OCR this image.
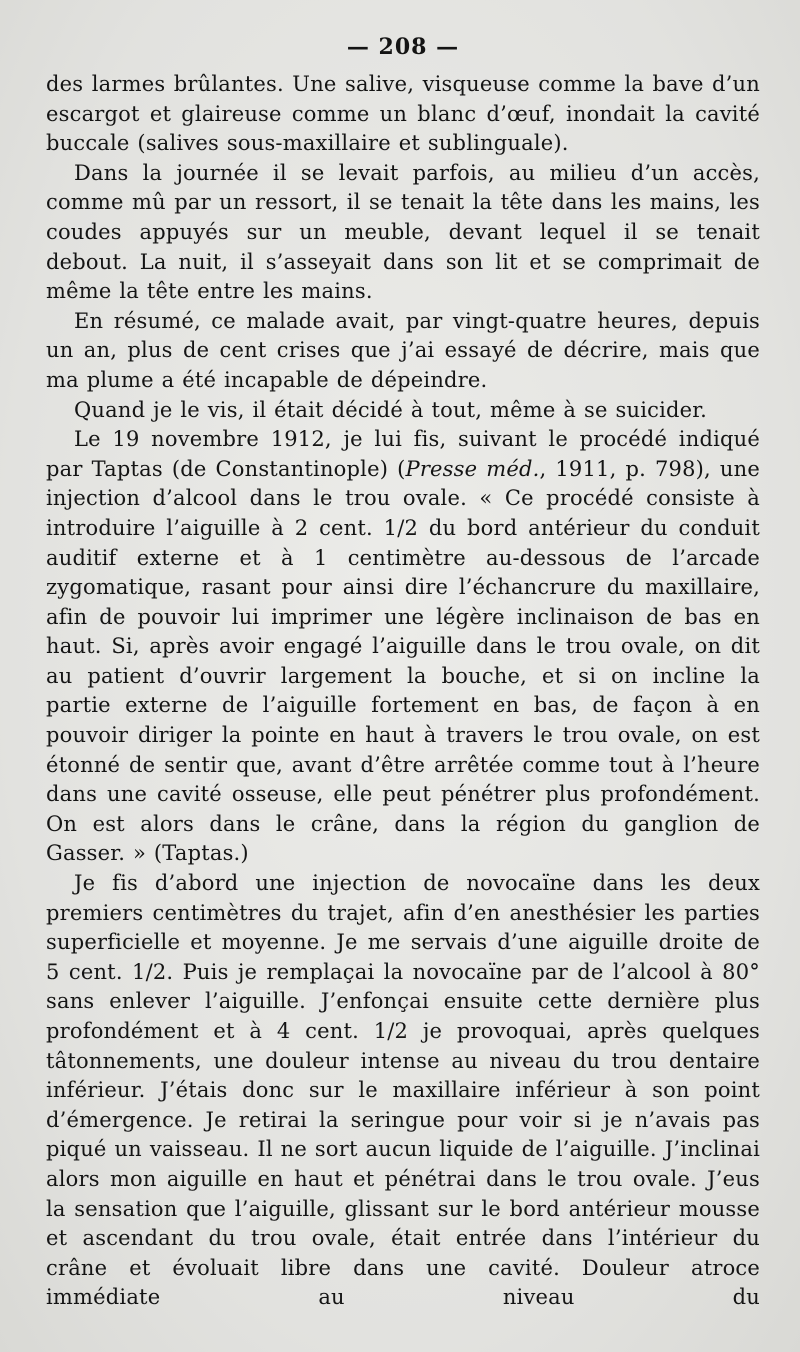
— 208 —

des larmes brûlantes. Une salive, visqueuse comme la bave d’un escargot et glaireuse comme un blanc d’œuf, inondait la cavité buccale (salives sous-maxillaire et sublinguale).

Dans la journée il se levait parfois, au milieu d’un accès, comme mû par un ressort, il se tenait la tête dans les mains, les coudes appuyés sur un meuble, devant lequel il se tenait debout. La nuit, il s’asseyait dans son lit et se comprimait de même la tête entre les mains.

En résumé, ce malade avait, par vingt-quatre heures, depuis un an, plus de cent crises que j’ai essayé de décrire, mais que ma plume a été incapable de dépeindre.

Quand je le vis, il était décidé à tout, même à se suicider.

Le 19 novembre 1912, je lui fis, suivant le procédé indiqué par Taptas (de Constantinople) (Presse méd., 1911, p. 798), une injection d’alcool dans le trou ovale. « Ce procédé consiste à introduire l’aiguille à 2 cent. 1/2 du bord antérieur du conduit auditif externe et à 1 centimètre au-dessous de l’arcade zygomatique, rasant pour ainsi dire l’échancrure du maxillaire, afin de pouvoir lui imprimer une légère inclinaison de bas en haut. Si, après avoir engagé l’aiguille dans le trou ovale, on dit au patient d’ouvrir largement la bouche, et si on incline la partie externe de l’aiguille fortement en bas, de façon à en pouvoir diriger la pointe en haut à travers le trou ovale, on est étonné de sentir que, avant d’être arrêtée comme tout à l’heure dans une cavité osseuse, elle peut pénétrer plus profondément. On est alors dans le crâne, dans la région du ganglion de Gasser. » (Taptas.)

Je fis d’abord une injection de novocaïne dans les deux premiers centimètres du trajet, afin d’en anesthésier les parties superficielle et moyenne. Je me servais d’une aiguille droite de 5 cent. 1/2. Puis je remplaçai la novocaïne par de l’alcool à 80° sans enlever l’aiguille. J’enfonçai ensuite cette dernière plus profondément et à 4 cent. 1/2 je provoquai, après quelques tâtonnements, une douleur intense au niveau du trou dentaire inférieur. J’étais donc sur le maxillaire inférieur à son point d’émergence. Je retirai la seringue pour voir si je n’avais pas piqué un vaisseau. Il ne sort aucun liquide de l’aiguille. J’inclinai alors mon aiguille en haut et pénétrai dans le trou ovale. J’eus la sensation que l’aiguille, glissant sur le bord antérieur mousse et ascendant du trou ovale, était entrée dans l’intérieur du crâne et évoluait libre dans une cavité. Douleur atroce immédiate au niveau du
